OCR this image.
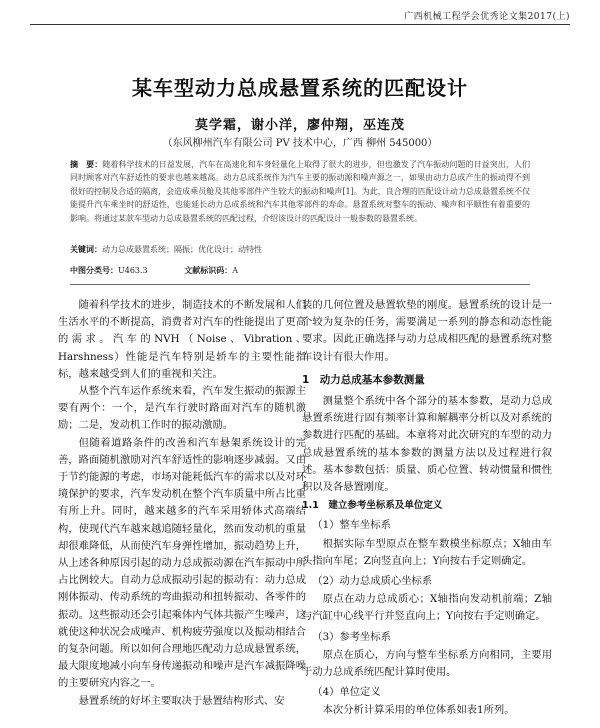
广西机械工程学会优秀论文集2017(上)
某车型动力总成悬置系统的匹配设计
莫学霜，谢小洋，廖仲翔，巫连茂
（东风柳州汽车有限公司 PV 技术中心，广西 柳州 545000）
摘　要：随着科学技术的日益发展，汽车在高速化和车身轻量化上取得了很大的进步，但也激发了汽车振动问题的日益突出，人们同时顾客对汽车舒适性的要求也越来越高。动力总成系统作为汽车主要的振动源和噪声源之一，如果由动力总成产生的振动得不到很好的控制及合适的隔离，会造成乘员舱及其他零部件产生较大的振动和噪声[1]。为此，良合理的匹配设计动力总成悬置系统不仅能提升汽车乘坐时的舒适性，也能延长动力总成系统和汽车其他零部件的寿命。悬置系统对整车的振动、噪声和平顺性有着重要的影响。将通过某款车型动力总成悬置系统的匹配过程，介绍该设计的匹配设计一般参数的悬置系统。
关键词：动力总成悬置系统；隔振；优化设计；动特性
中图分类号：U463.3	文献标识码：A

随着科学技术的进步，制造技术的不断发展和人们生活水平的不断提高，消费者对汽车的性能提出了更高的需求。汽车的NVH（Noise、Vibration、Harshness）性能是汽车特别是轿车的主要性能指标，越来越受到人们的重视和关注。

从整个汽车运作系统来看，汽车发生振动的振源主要有两个：一个，是汽车行驶时路面对汽车的随机激励；二是，发动机工作时的振动激励。

但随着道路条件的改善和汽车悬架系统设计的完善，路面随机激励对汽车舒适性的影响逐步减弱。又由于节约能源的考虑，市场对能耗低汽车的需求以及对环境保护的要求，汽车发动机在整个汽车质量中所占比重有所上升。同时，越来越多的汽车采用轿体式高端结构，使现代汽车越来越追随轻量化，然而发动机的重量却很难降低，从而使汽车身弹性增加，振动趋势上升，从上述各种原因引起的动力总成振动源在汽车振动中所占比例较大。自动力总成振动引起的振动有：动力总成刚体振动、传动系统的弯曲振动和扭转振动、各零件的振动。这些振动还会引起乘体内气体共振产生噪声，这就使这种状况会成噪声、机构疲劳强度以及振动相结合的复杂问题。所以如何合理地匹配动力总成悬置系统，最大限度地减小向车身传递振动和噪声是汽车减振降噪的主要研究内容之一。

悬置系统的好坏主要取决于悬置结构形式、安

装的几何位置及悬置软垫的刚度。悬置系统的设计是一个较为复杂的任务，需要满足一系列的静态和动态性能要求。因此正确选择与动力总成相匹配的悬置系统对整车设计有很大作用。

1　动力总成基本参数测量

测量整个系统中各个部分的基本参数，是动力总成悬置系统进行固有频率计算和解耦率分析以及对系统的参数进行匹配的基础。本章将对此次研究的车型的动力总成悬置系统的基本参数的测量方法以及过程进行叙述。基本参数包括：质量、质心位置、转动惯量和惯性积以及各悬置刚度。

1.1　建立参考坐标系及单位定义
（1）整车坐标系

根据实际车型原点在整车数模坐标原点；X轴由车头指向车尾；Z向竖直向上；Y向按右手定则确定。

（2）动力总成质心坐标系

原点在动力总成质心；X轴指向发动机前端；Z轴与汽缸中心线平行并竖直向上；Y向按右手定则确定。

（3）参考坐标系

原点在质心，方向与整车坐标系方向相同，主要用于动力总成系统匹配计算时使用。

（4）单位定义

本次分析计算采用的单位体系如表1所列。
